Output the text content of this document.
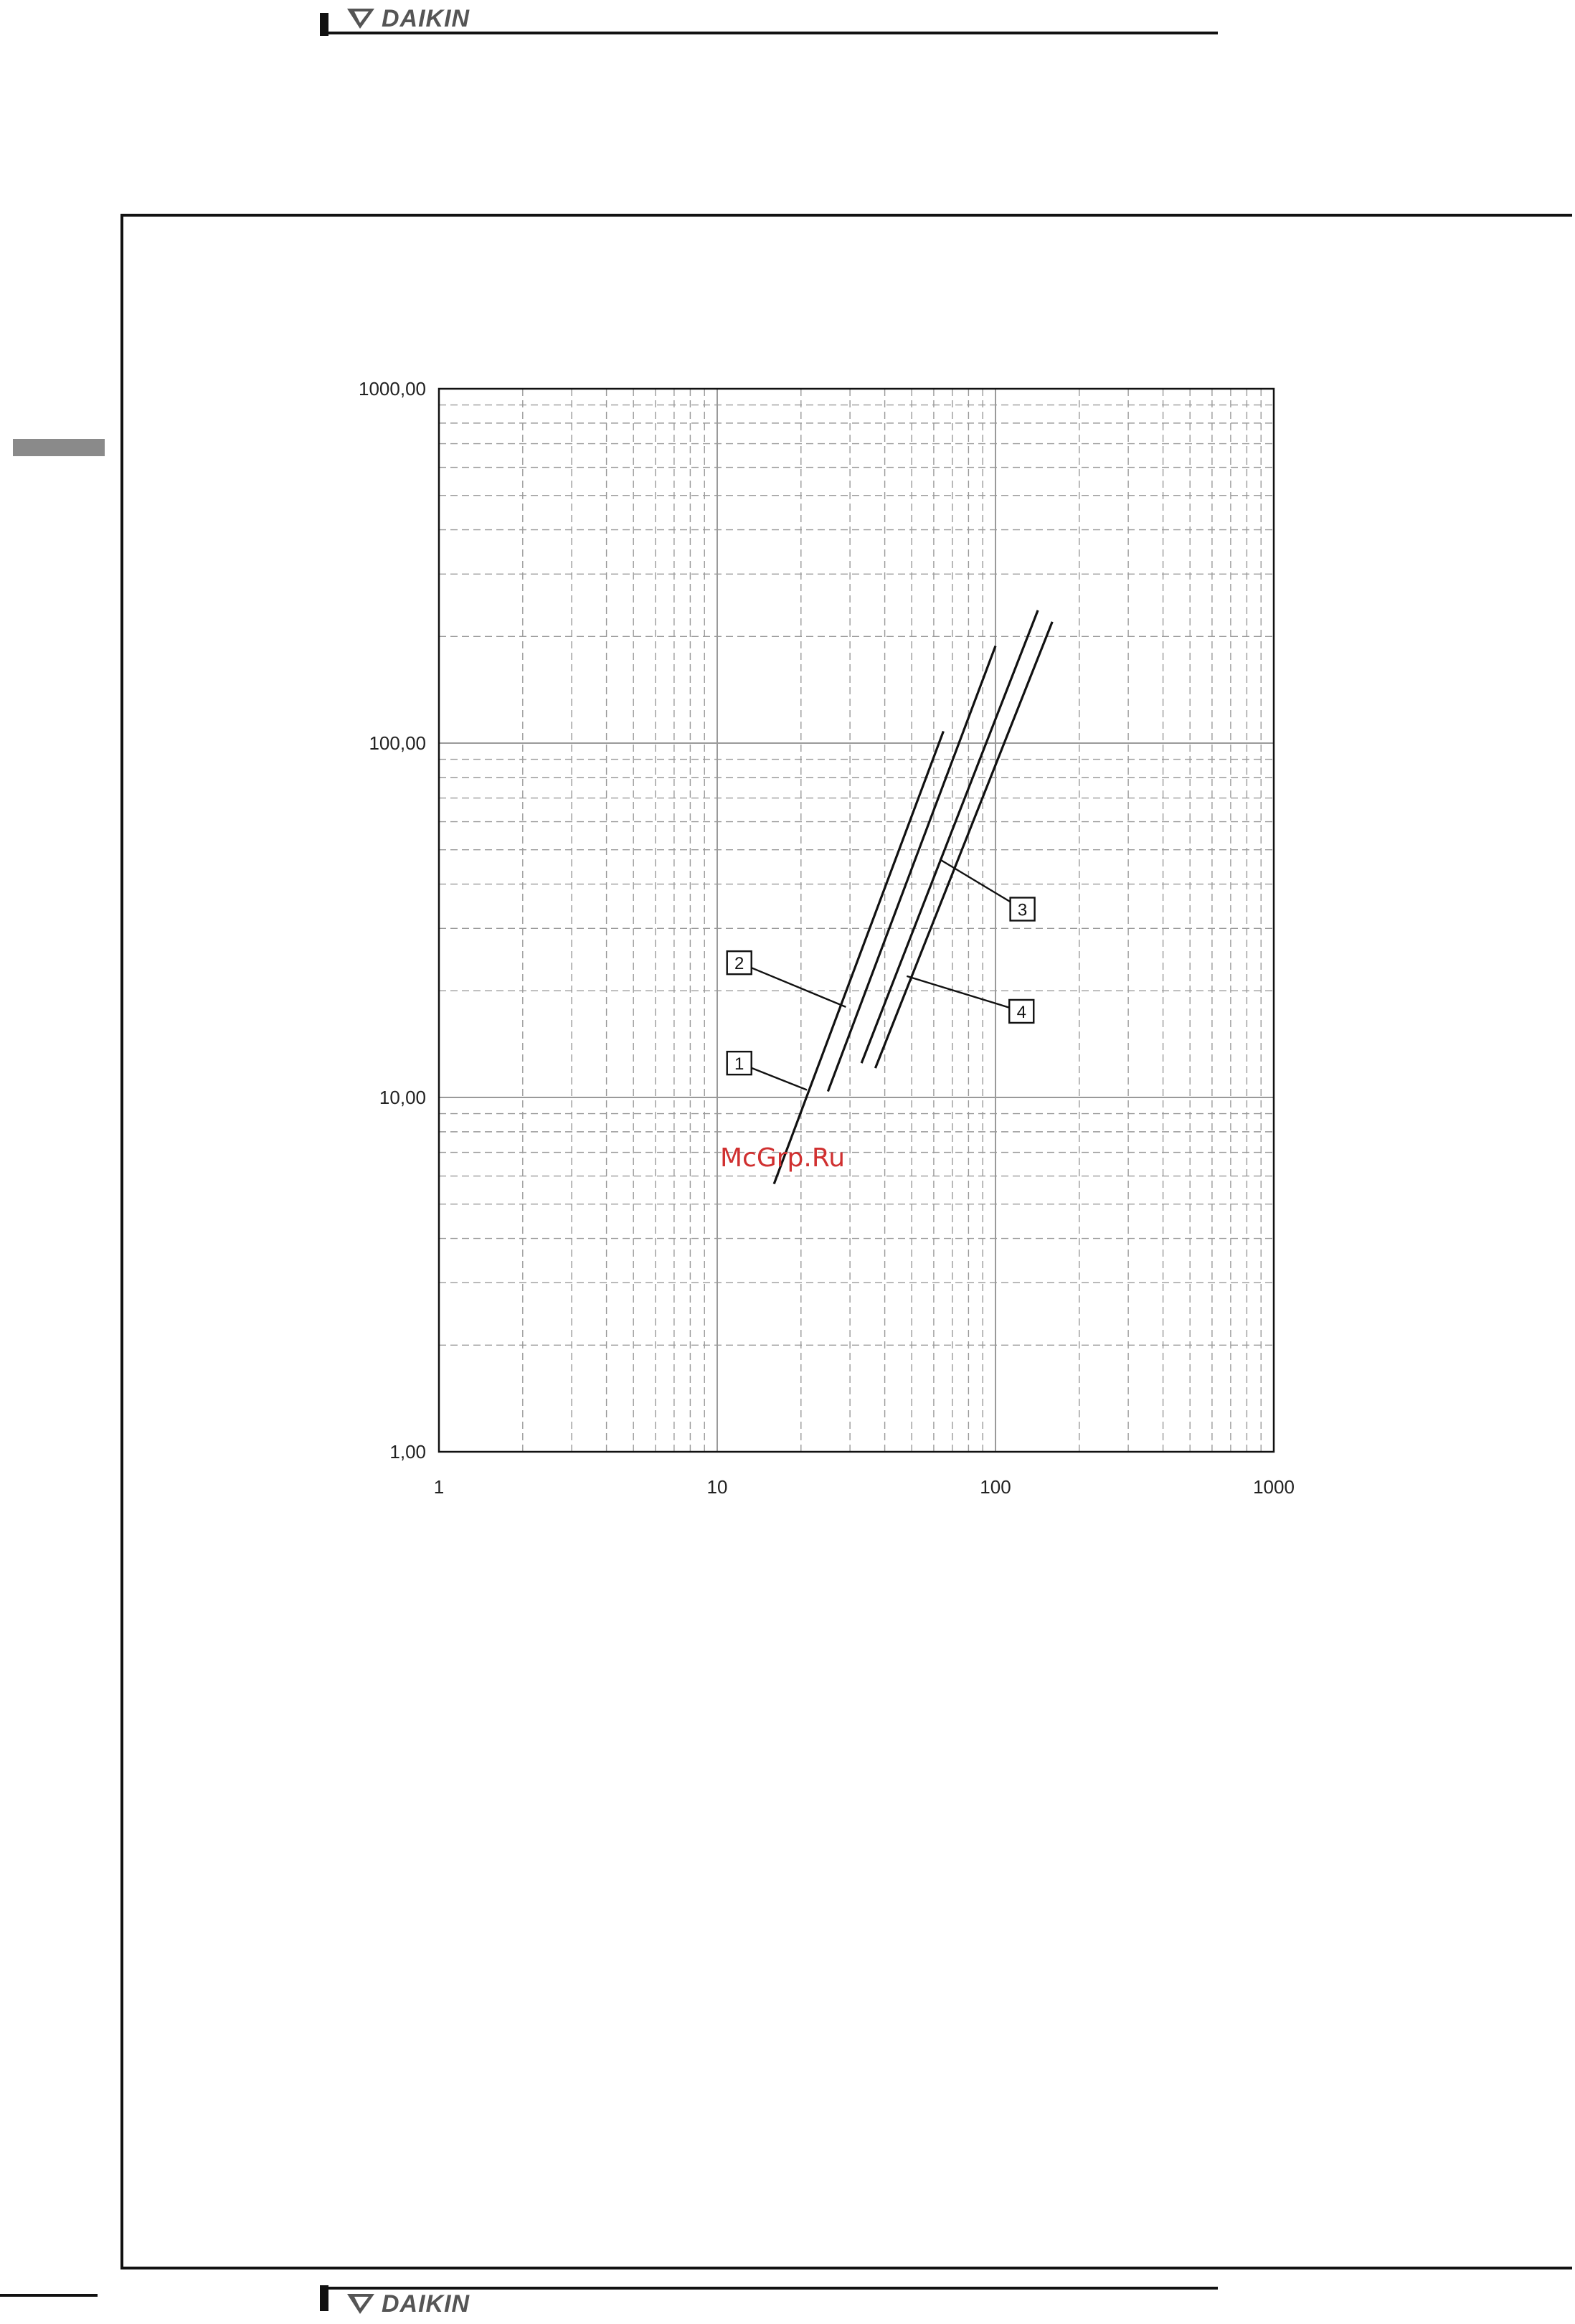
DAIKIN
1	10	100	1000
1,00
10,00
100,00
1000,00
1
2
3
4
McGrp.Ru
DAIKIN
